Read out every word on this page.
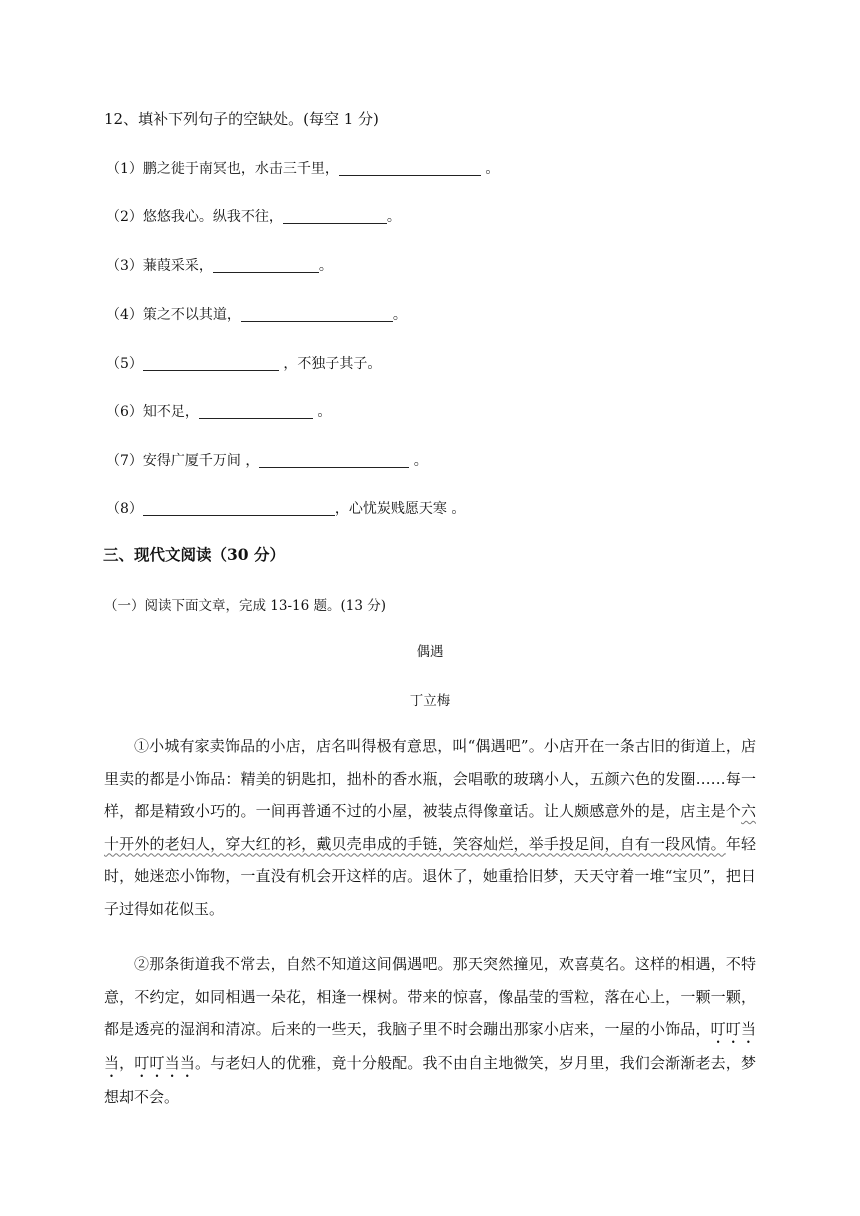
12、填补下列句子的空缺处。(每空 1 分)
（1）鹏之徙于南冥也，水击三千里，	。
（2）悠悠我心。纵我不往，	。
（3）蒹葭采采，	。
（4）策之不以其道，	。
（5）	，不独子其子。
（6）知不足，	。
（7）安得广厦千万间 ，	。
（8）	，心忧炭贱愿天寒 。
三、现代文阅读（30 分）
（一）阅读下面文章，完成 13-16 题。(13 分)
偶遇
丁立梅

①小城有家卖饰品的小店，店名叫得极有意思，叫“偶遇吧”。小店开在一条古旧的街道上，店里卖的都是小饰品：精美的钥匙扣，拙朴的香水瓶，会唱歌的玻璃小人，五颜六色的发圈……每一样，都是精致小巧的。一间再普通不过的小屋，被装点得像童话。让人颇感意外的是，店主是个六十开外的老妇人，穿大红的衫，戴贝壳串成的手链，笑容灿烂，举手投足间，自有一段风情。年轻时，她迷恋小饰物，一直没有机会开这样的店。退休了，她重拾旧梦，天天守着一堆“宝贝”，把日子过得如花似玉。

②那条街道我不常去，自然不知道这间偶遇吧。那天突然撞见，欢喜莫名。这样的相遇，不特意，不约定，如同相遇一朵花，相逢一棵树。带来的惊喜，像晶莹的雪粒，落在心上，一颗一颗，都是透亮的湿润和清凉。后来的一些天，我脑子里不时会蹦出那家小店来，一屋的小饰品，叮叮当当，叮叮当当。与老妇人的优雅，竟十分般配。我不由自主地微笑，岁月里，我们会渐渐老去，梦想却不会。
